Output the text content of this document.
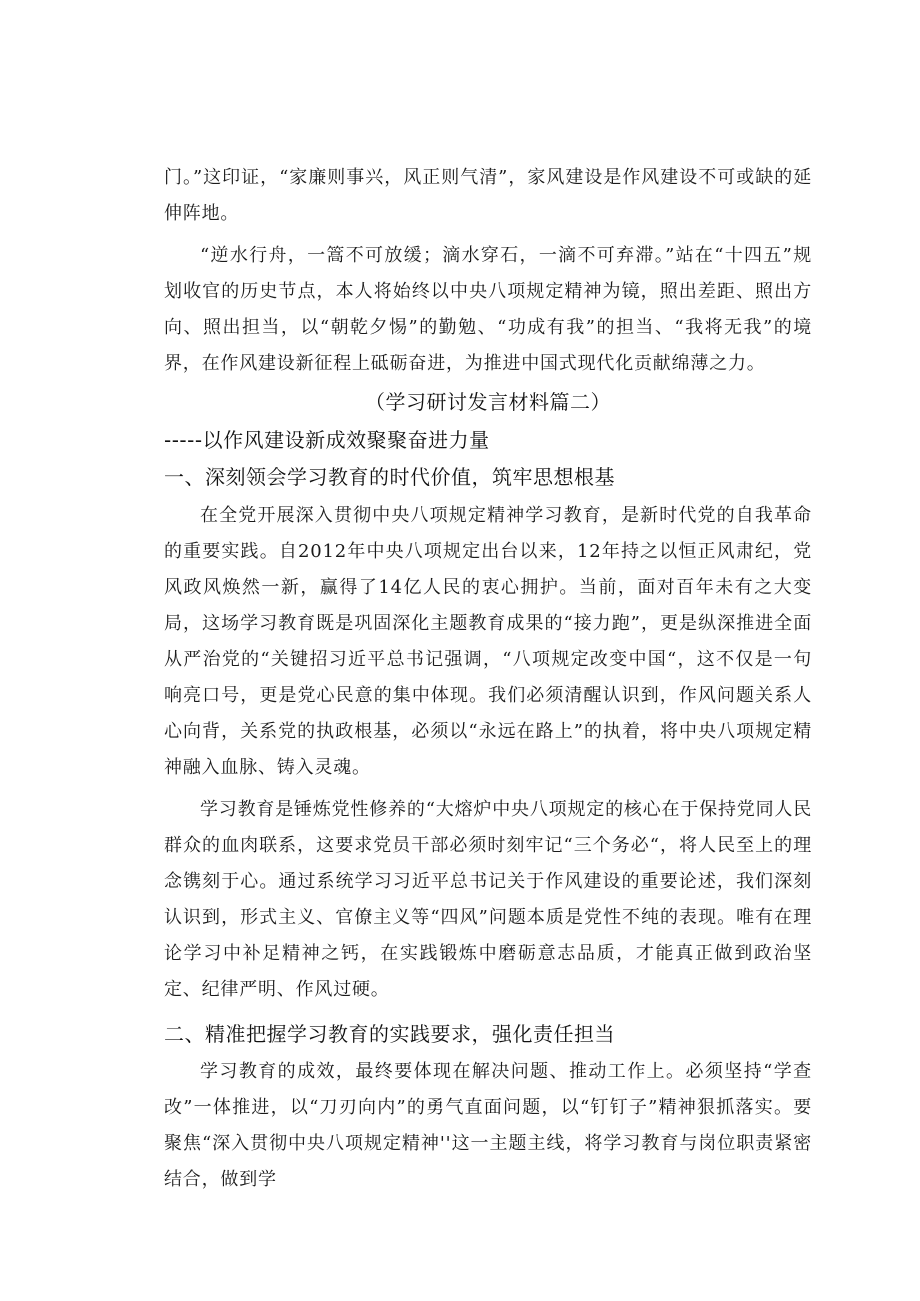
门。”这印证，“家廉则事兴，风正则气清”，家风建设是作风建设不可或缺的延伸阵地。

“逆水行舟，一篙不可放缓；滴水穿石，一滴不可弃滞。”站在“十四五”规划收官的历史节点，本人将始终以中央八项规定精神为镜，照出差距、照出方向、照出担当，以“朝乾夕惕”的勤勉、“功成有我”的担当、“我将无我”的境界，在作风建设新征程上砥砺奋进，为推进中国式现代化贡献绵薄之力。

（学习研讨发言材料篇二）

-----以作风建设新成效聚聚奋进力量

一、深刻领会学习教育的时代价值，筑牢思想根基

在全党开展深入贯彻中央八项规定精神学习教育，是新时代党的自我革命的重要实践。自2012年中央八项规定出台以来，12年持之以恒正风肃纪，党风政风焕然一新，赢得了14亿人民的衷心拥护。当前，面对百年未有之大变局，这场学习教育既是巩固深化主题教育成果的“接力跑”，更是纵深推进全面从严治党的“关键招习近平总书记强调，“八项规定改变中国“，这不仅是一句响亮口号，更是党心民意的集中体现。我们必须清醒认识到，作风问题关系人心向背，关系党的执政根基，必须以“永远在路上”的执着，将中央八项规定精神融入血脉、铸入灵魂。

学习教育是锤炼党性修养的“大熔炉中央八项规定的核心在于保持党同人民群众的血肉联系，这要求党员干部必须时刻牢记“三个务必“，将人民至上的理念镌刻于心。通过系统学习习近平总书记关于作风建设的重要论述，我们深刻认识到，形式主义、官僚主义等“四风”问题本质是党性不纯的表现。唯有在理论学习中补足精神之钙，在实践锻炼中磨砺意志品质，才能真正做到政治坚定、纪律严明、作风过硬。

二、精准把握学习教育的实践要求，强化责任担当

学习教育的成效，最终要体现在解决问题、推动工作上。必须坚持“学查改”一体推进，以“刀刃向内”的勇气直面问题，以“钉钉子”精神狠抓落实。要聚焦“深入贯彻中央八项规定精神''这一主题主线，将学习教育与岗位职责紧密结合，做到学
